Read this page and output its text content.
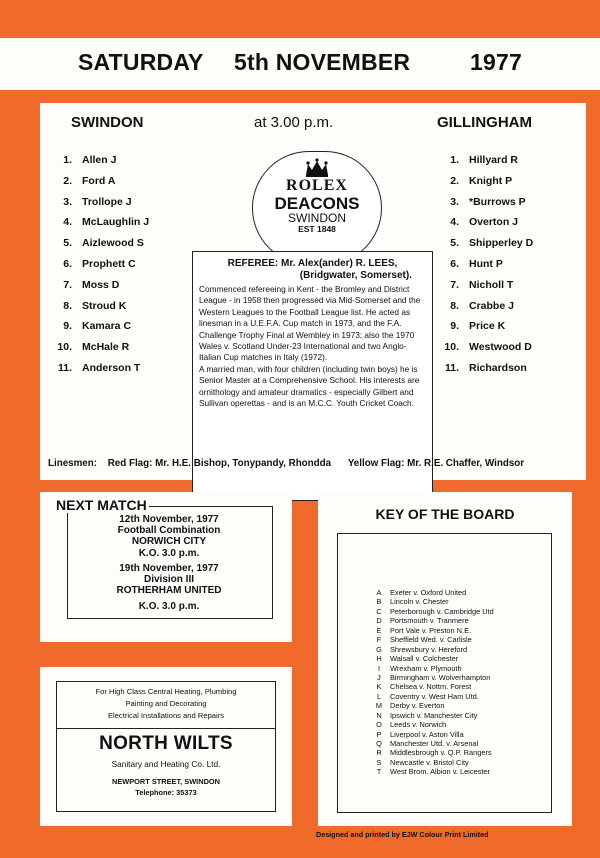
SATURDAY 5th NOVEMBER	1977
SWINDON
1. Allen J
2. Ford A
3. Trollope J
4. McLaughlin J
5. Aizlewood S
6. Prophett C
7. Moss D
8. Stroud K
9. Kamara C
10. McHale R
11. Anderson T
at 3.00 p.m.	GILLINGHAM
1. Hillyard R
2. Knight P
3. *Burrows P
4. Overton J
5. Shipperley D
6. Hunt P
7. Nicholl T
8. Crabbe J
9. Price K
10. Westwood D
11. Richardson
ROLEX
DEACONS
SWINDON
EST 1848
REFEREE: Mr. Alex(ander) R. LEES,
(Bridgwater, Somerset).
Commenced refereeing in Kent - the Bromley and District League - in 1958 then progressed via Mid-Somerset and the Western Leagues to the Football League list. He acted as linesman in a U.E.F.A. Cup match in 1973, and the F.A. Challenge Trophy Final at Wembley in 1973; also the 1970 Wales v. Scotland Under-23 International and two Anglo-Italian Cup matches in Italy (1972).
A married man, with four children (including twin boys) he is Senior Master at a Comprehensive School. His interests are ornithology and amateur dramatics - especially Gilbert and Sullivan operettas - and is an M.C.C. Youth Cricket Coach.
Linesmen: Red Flag: Mr. H.E. Bishop, Tonypandy, Rhondda Yellow Flag: Mr. R.E. Chaffer, Windsor
NEXT MATCH
12th November, 1977
Football Combination
NORWICH CITY
K.O. 3.0 p.m.
19th November, 1977
Division III
ROTHERHAM UNITED
K.O. 3.0 p.m.
KEY OF THE BOARD
A Exeter v. Oxford United
B Lincoln v. Chester
C Peterborough v. Cambridge Utd
D Portsmouth v. Tranmere
E Port Vale v. Preston N.E.
F Sheffield Wed. v. Carlisle
G Shrewsbury v. Hereford
H Walsall v. Colchester
I Wrexham v. Plymouth
J Birmingham v. Wolverhampton
K Chelsea v. Nottm. Forest
L Coventry v. West Ham Utd.
M Derby v. Everton
N Ipswich v. Manchester City
O Leeds v. Norwich
P Liverpool v. Aston Villa
Q Manchester Utd. v. Arsenal
R Middlesbrough v. Q.P. Rangers
S Newcastle v. Bristol City
T West Brom. Albion v. Leicester
For High Class Central Heating, Plumbing
Painting and Decorating
Electrical Installations and Repairs
NORTH WILTS
Sanitary and Heating Co. Ltd.
NEWPORT STREET, SWINDON
Telephone: 35373
Designed and printed by EJW Colour Print Limited
